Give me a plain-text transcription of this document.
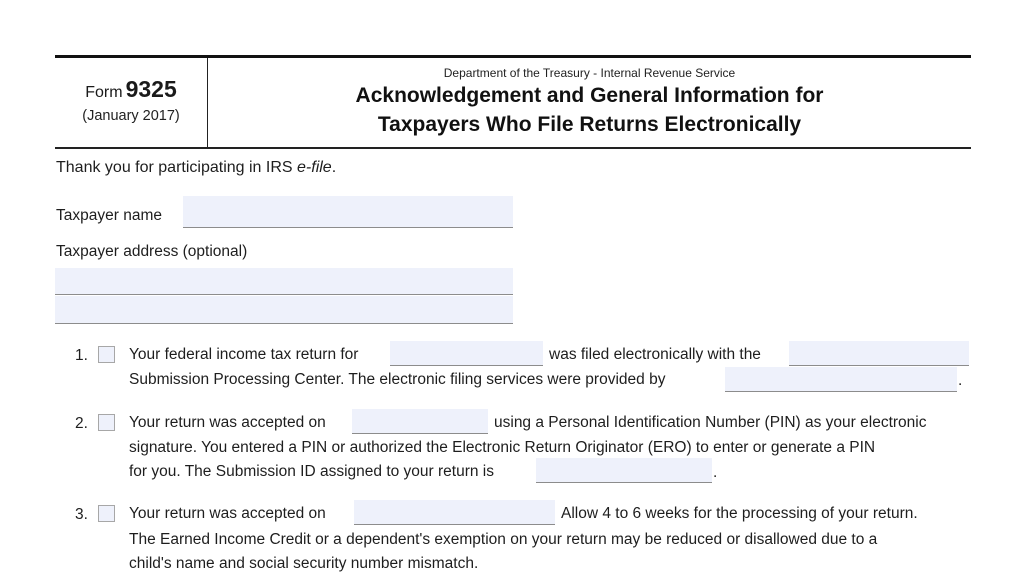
Form 9325
(January 2017)
Department of the Treasury - Internal Revenue Service
Acknowledgement and General Information for
Taxpayers Who File Returns Electronically
Thank you for participating in IRS e-file.
Taxpayer name
Taxpayer address (optional)
1.	Your federal income tax return for	was filed electronically with the
Submission Processing Center. The electronic filing services were provided by	.
2.	Your return was accepted on	using a Personal Identification Number (PIN) as your electronic
signature. You entered a PIN or authorized the Electronic Return Originator (ERO) to enter or generate a PIN
for you. The Submission ID assigned to your return is	.
3.	Your return was accepted on	Allow 4 to 6 weeks for the processing of your return.
The Earned Income Credit or a dependent's exemption on your return may be reduced or disallowed due to a
child's name and social security number mismatch.
